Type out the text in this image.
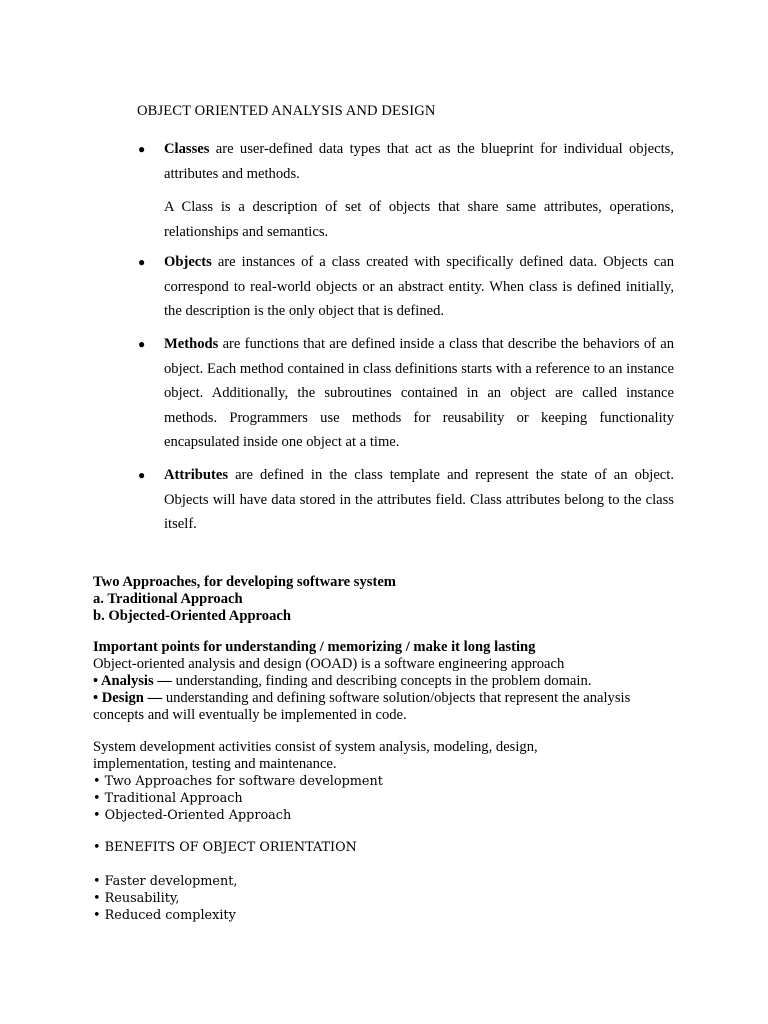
OBJECT ORIENTED ANALYSIS AND DESIGN
● Classes are user-defined data types that act as the blueprint for individual objects, attributes and methods.

A Class is a description of set of objects that share same attributes, operations, relationships and semantics.

● Objects are instances of a class created with specifically defined data. Objects can correspond to real-world objects or an abstract entity. When class is defined initially, the description is the only object that is defined.

● Methods are functions that are defined inside a class that describe the behaviors of an object. Each method contained in class definitions starts with a reference to an instance object. Additionally, the subroutines contained in an object are called instance methods. Programmers use methods for reusability or keeping functionality encapsulated inside one object at a time.

● Attributes are defined in the class template and represent the state of an object. Objects will have data stored in the attributes field. Class attributes belong to the class itself.

Two Approaches, for developing software system
a. Traditional Approach
b. Objected-Oriented Approach
Important points for understanding / memorizing / make it long lasting
Object-oriented analysis and design (OOAD) is a software engineering approach
• Analysis — understanding, finding and describing concepts in the problem domain.
• Design — understanding and defining software solution/objects that represent the analysis
concepts and will eventually be implemented in code.
System development activities consist of system analysis, modeling, design,
implementation, testing and maintenance.
• Two Approaches for software development
• Traditional Approach
• Objected-Oriented Approach
• BENEFITS OF OBJECT ORIENTATION
• Faster development,
• Reusability,
• Reduced complexity
